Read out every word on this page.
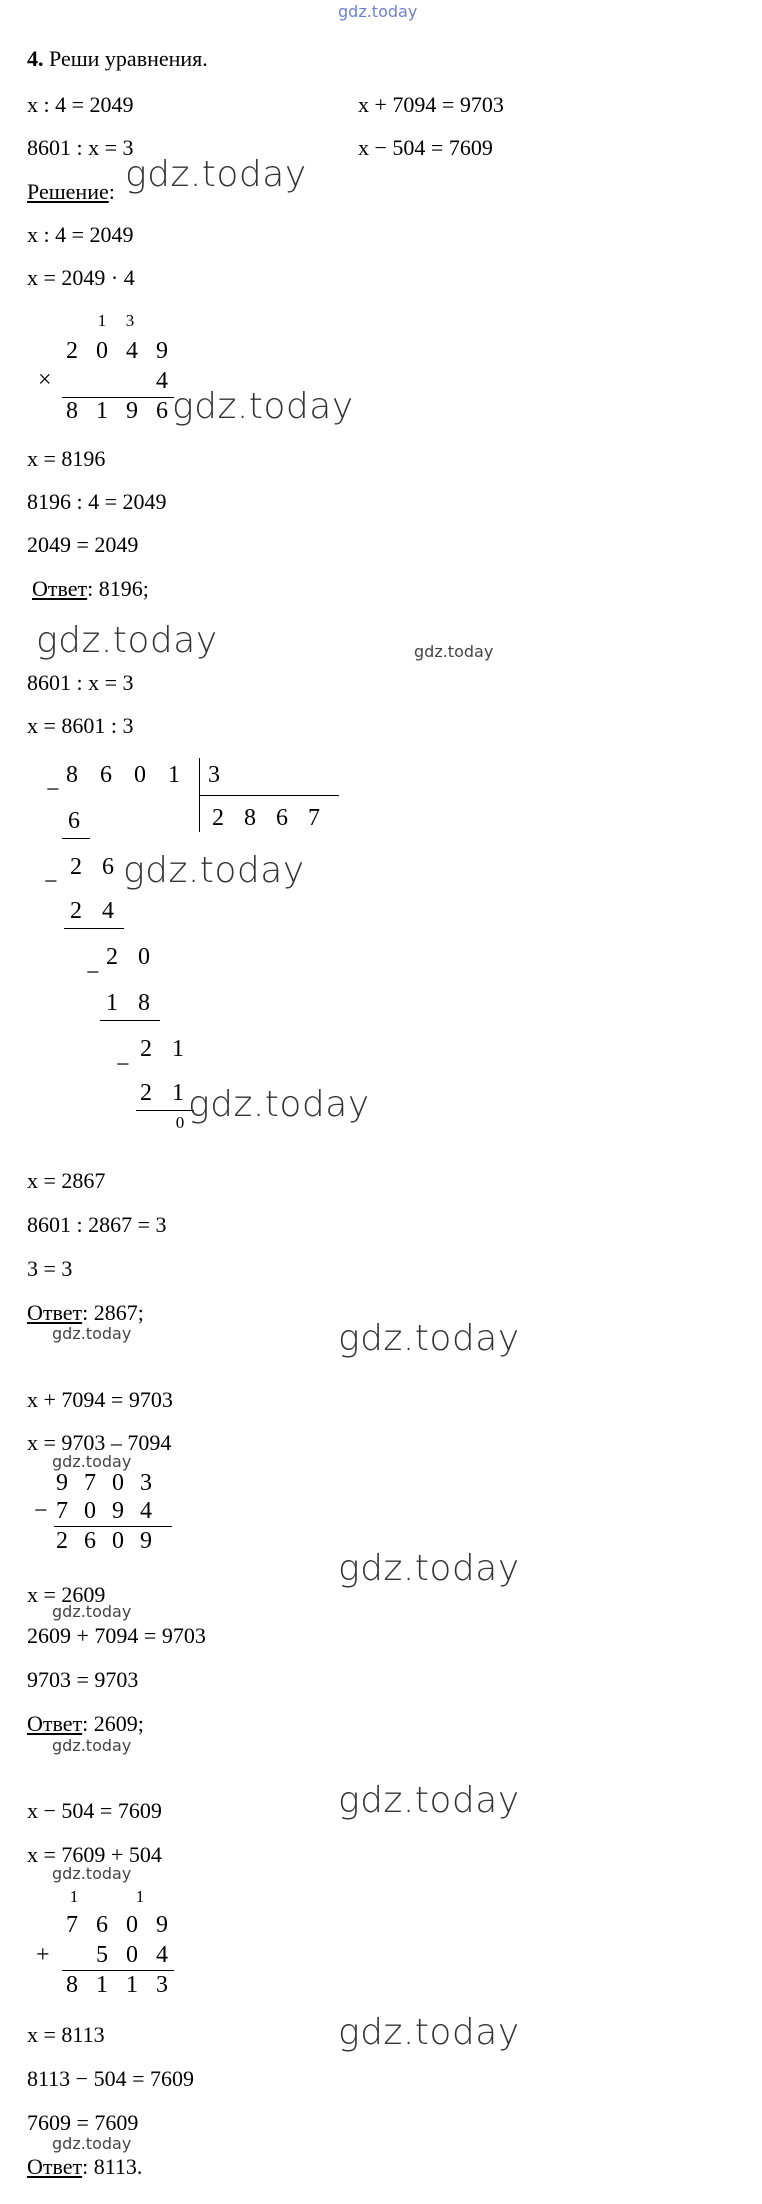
gdz.today
4. Реши уравнения.
x : 4 = 2049	x + 7094 = 9703
8601 : x = 3	x − 504 = 7609
Решение: gdz.today
x : 4 = 2049
x = 2049 · 4
1	3
2 0 4 9
×	4
8 1 9 6 gdz.today
x = 8196
8196 : 4 = 2049
2049 = 2049
Ответ: 8196;
gdz.today	gdz.today
8601 : x = 3
x = 8601 : 3
−
8 6 0 1 3
2 8 6 7
6
−
2 6
2 4
−
2 0
1 8
−
2 1
2 1
0
gdz.today
gdz.today
x = 2867
8601 : 2867 = 3
3 = 3
Ответ: 2867;
gdz.today	gdz.today
x + 7094 = 9703
x = 9703 – 7094
gdz.today
9 7 0 3
− 7 0 9 4
2 6 0 9
gdz.today
x = 2609
gdz.today
2609 + 7094 = 9703
9703 = 9703
Ответ: 2609;
gdz.today
gdz.today
x − 504 = 7609
x = 7609 + 504
gdz.today
1	1
7 6 0 9
+ 5 0 4
8 1 1 3
x = 8113	gdz.today
8113 − 504 = 7609
7609 = 7609
gdz.today
Ответ: 8113.
